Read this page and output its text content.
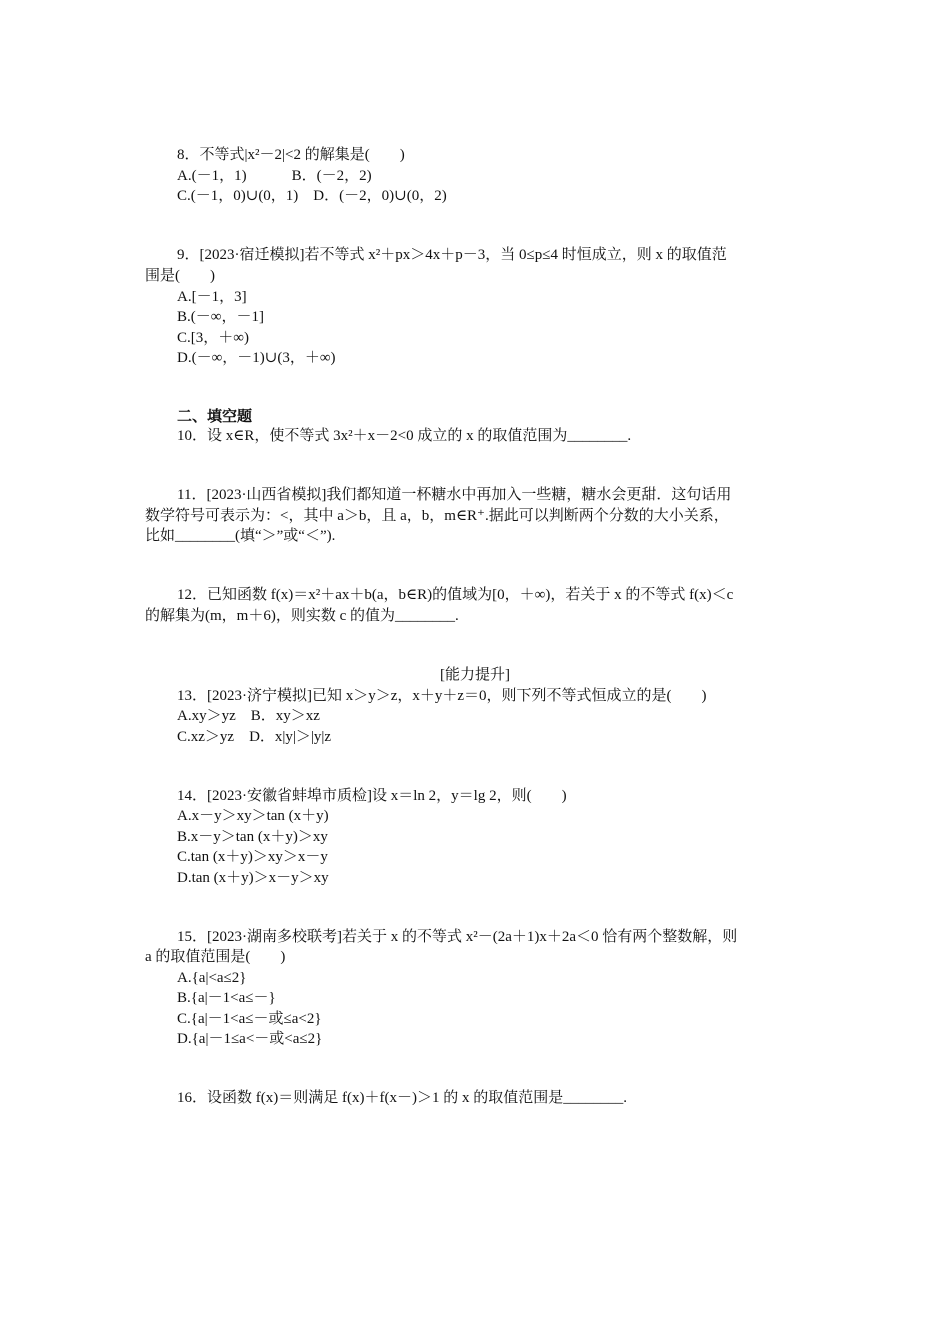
8．不等式|x²－2|<2 的解集是(　　)
A.(－1，1)　　　B．(－2，2)
C.(－1，0)∪(0，1)　D．(－2，0)∪(0，2)
9．[2023·宿迁模拟]若不等式 x²＋px＞4x＋p－3，当 0≤p≤4 时恒成立，则 x 的取值范
围是(　　)
A.[－1，3]
B.(－∞，－1]
C.[3，＋∞)
D.(－∞，－1)∪(3，＋∞)
二、填空题
10．设 x∈R，使不等式 3x²＋x－2<0 成立的 x 的取值范围为________.
11．[2023·山西省模拟]我们都知道一杯糖水中再加入一些糖，糖水会更甜．这句话用
数学符号可表示为：<，其中 a＞b，且 a，b，m∈R⁺.据此可以判断两个分数的大小关系，
比如________(填“＞”或“＜”).
12．已知函数 f(x)＝x²＋ax＋b(a，b∈R)的值域为[0，＋∞)，若关于 x 的不等式 f(x)＜c
的解集为(m，m＋6)，则实数 c 的值为________.
[能力提升]
13．[2023·济宁模拟]已知 x＞y＞z，x＋y＋z＝0，则下列不等式恒成立的是(　　)
A.xy＞yz　B．xy＞xz
C.xz＞yz　D．x|y|＞|y|z
14．[2023·安徽省蚌埠市质检]设 x＝ln 2，y＝lg 2，则(　　)
A.x－y＞xy＞tan (x＋y)
B.x－y＞tan (x＋y)＞xy
C.tan (x＋y)＞xy＞x－y
D.tan (x＋y)＞x－y＞xy
15．[2023·湖南多校联考]若关于 x 的不等式 x²－(2a＋1)x＋2a＜0 恰有两个整数解，则
a 的取值范围是(　　)
A.{a|<a≤2}
B.{a|－1<a≤－}
C.{a|－1<a≤－或≤a<2}
D.{a|－1≤a<－或<a≤2}
16．设函数 f(x)＝则满足 f(x)＋f(x－)＞1 的 x 的取值范围是________.
